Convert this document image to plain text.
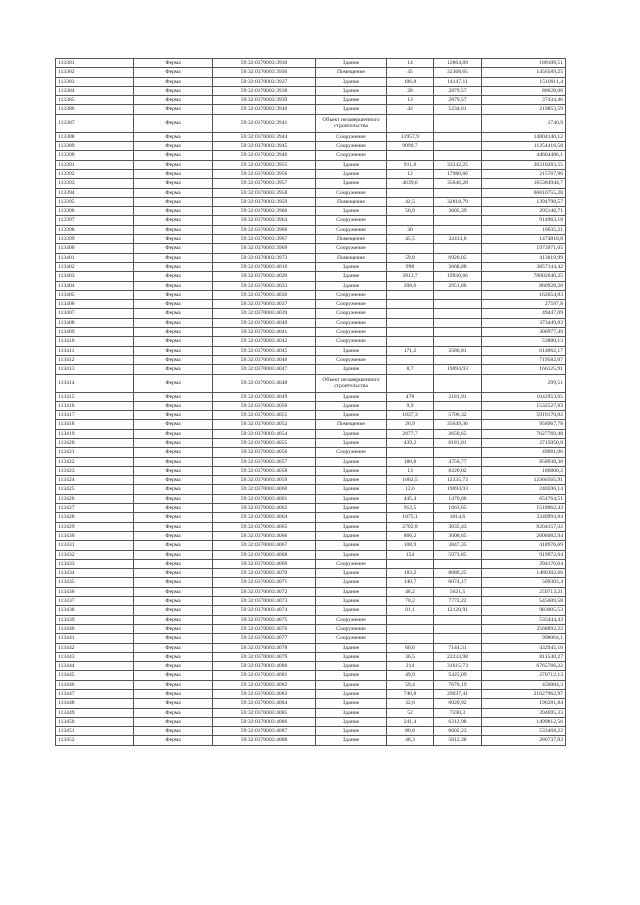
113381	Ферма	59:32:0370003:3930	Здание	14	12864,89	180108,51
113382	Ферма	59:32:0370003:3936	Помещение	45	32368,65	1456589,25
113383	Ферма	59:32:0370003:3937	Здание	106,8	14147,11	1510911,4
113384	Ферма	59:32:0370003:3938	Здание	28	2879,57	80628,06
113385	Ферма	59:32:0370003:3939	Здание	13	2879,57	37434,46
113386	Ферма	59:32:0370003:3940	Здание	42	5234,61	219853,59
113387	Ферма	59:32:0370003:3941	Объект незавершенного строительства			1740,9
113388	Ферма	59:32:0370003:3944	Сооружение	11957,9		14804140,12
113389	Ферма	59:32:0370003:3945	Сооружение	9090,7		11254416,58
113390	Ферма	59:32:0370003:3946	Сооружение			44604486,1
113391	Ферма	59:32:0370003:3955	Здание	911,8	33242,25	30310283,55
113392	Ферма	59:32:0370003:3956	Здание	12	17980,66	215767,96
113393	Ферма	59:32:0370003:3957	Здание	4639,6	35646,28	165384944,7
113394	Ферма	59:32:0370003:3958	Сооружение			66810755,28
113395	Ферма	59:32:0370003:3959	Помещение	42,5	32818,79	1394798,57
113396	Ферма	59:32:0370003:3960	Здание	56,9	3605,39	205146,71
113397	Ферма	59:32:0370003:3964	Сооружение			914963,18
113398	Ферма	59:32:0370003:3966	Сооружение	30		10635,21
113399	Ферма	59:32:0370003:3967	Помещение	45,5	32413,6	1474818,8
113400	Ферма	59:32:0370003:3969	Сооружение			1973971,05
113401	Ферма	59:32:0370003:3973	Помещение	59,8	6920,05	413819,99
113402	Ферма	59:32:0370003:4016	Здание	998	3668,88	3857144,42
113403	Ферма	59:32:0370003:4020	Здание	3913,7	19930,66	78002640,25
113404	Ферма	59:32:0370003:4033	Здание	208,6	2951,86	860928,28
113405	Ферма	59:32:0370003:4036	Сооружение			162654,83
113406	Ферма	59:32:0370003:4037	Сооружение			27597,8
113407	Ферма	59:32:0370003:4039	Сооружение			49447,09
113408	Ферма	59:32:0370003:4040	Сооружение			373449,83
113409	Ферма	59:32:0370003:4041	Сооружение			300977,49
113410	Ферма	59:32:0370003:4042	Сооружение			53880,13
113411	Ферма	59:32:0370003:4045	Здание	171,2	3586,81	614062,17
113412	Ферма	59:32:0370003:4046	Сооружение			719582,07
113413	Ферма	59:32:0370003:4047	Здание	8,7	19094,93	166125,91
113414	Ферма	59:32:0370003:4048	Объект незавершенного строительства			299,51
113415	Ферма	59:32:0370003:4049	Здание	478	2181,91	1042953,05
113416	Ферма	59:32:0370003:4050	Здание	9,9		1532527,83
113417	Ферма	59:32:0370003:4051	Здание	1037,3	5706,32	5919170,82
113418	Ферма	59:32:0370003:4052	Помещение	26,9	35649,36	958967,78
113419	Ферма	59:32:0370003:4054	Здание	2877,7	2650,65	7627769,48
113420	Ферма	59:32:0370003:4055	Здание	439,2	6181,81	2715050,8
113421	Ферма	59:32:0370003:4056	Сооружение			49081,06
113422	Ферма	59:32:0370003:4057	Здание	180,8	4750,77	858938,38
113423	Ферма	59:32:0370003:4058	Здание	13	8220,02	106860,2
113424	Ферма	59:32:0370003:4059	Здание	1002,5	12335,73	12366565,91
113425	Ферма	59:32:0370003:4060	Здание	12,6	19094,93	240596,14
113426	Ферма	59:32:0370003:4061	Здание	445,4	1470,06	654764,51
113427	Ферма	59:32:0370003:4062	Здание	912,5	1663,65	1518062,43
113428	Ферма	59:32:0370003:4064	Здание	1075,1	3014,6	3240993,84
113429	Ферма	59:32:0370003:4065	Здание	2702,8	3035,43	8204157,32
113430	Ферма	59:32:0370003:4066	Здание	866,2	3008,65	2606082,94
113431	Ферма	59:32:0370003:4067	Здание	108,9	3847,35	418976,69
113432	Ферма	59:32:0370003:4068	Здание	154	5973,85	919972,04
113433	Ферма	59:32:0370003:4069	Сооружение			394176,64
113434	Ферма	59:32:0370003:4070	Здание	183,2	8080,25	1480302,66
113435	Ферма	59:32:0370003:4071	Здание	140,7	6074,17	509303,4
113436	Ферма	59:32:0370003:4072	Здание	46,2	5621,5	259713,21
113437	Ферма	59:32:0370003:4073	Здание	70,2	7772,22	545609,58
113438	Ферма	59:32:0370003:4074	Здание	81,1	12120,91	983005,53
113439	Ферма	59:32:0370003:4075	Сооружение			535444,43
113440	Ферма	59:32:0370003:4076	Сооружение			3568892,22
113441	Ферма	59:32:0370003:4077	Сооружение			998064,1
113442	Ферма	59:32:0370003:4078	Здание	60,6	7144,31	432945,16
113443	Ферма	59:32:0370003:4079	Здание	36,5	22233,98	811540,27
113444	Ферма	59:32:0370003:4080	Здание	214	31615,73	6765766,22
113445	Ферма	59:32:0370003:4081	Здание	49,9	5425,09	270712,13
113446	Ферма	59:32:0370003:4082	Здание	59,4	7678,19	456084,3
113447	Ферма	59:32:0370003:4083	Здание	740,8	29037,41	21627962,97
113448	Ферма	59:32:0370003:4084	Здание	32,6	6020,92	196281,84
113449	Ферма	59:32:0370003:4085	Здание	52	7590,3	394695,33
113450	Ферма	59:32:0370003:4086	Здание	241,4	6212,98	1499812,56
113451	Ферма	59:32:0370003:4087	Здание	80,8	6602,23	533468,22
113452	Ферма	59:32:0370003:4088	Здание	48,3	5812,38	280737,83
